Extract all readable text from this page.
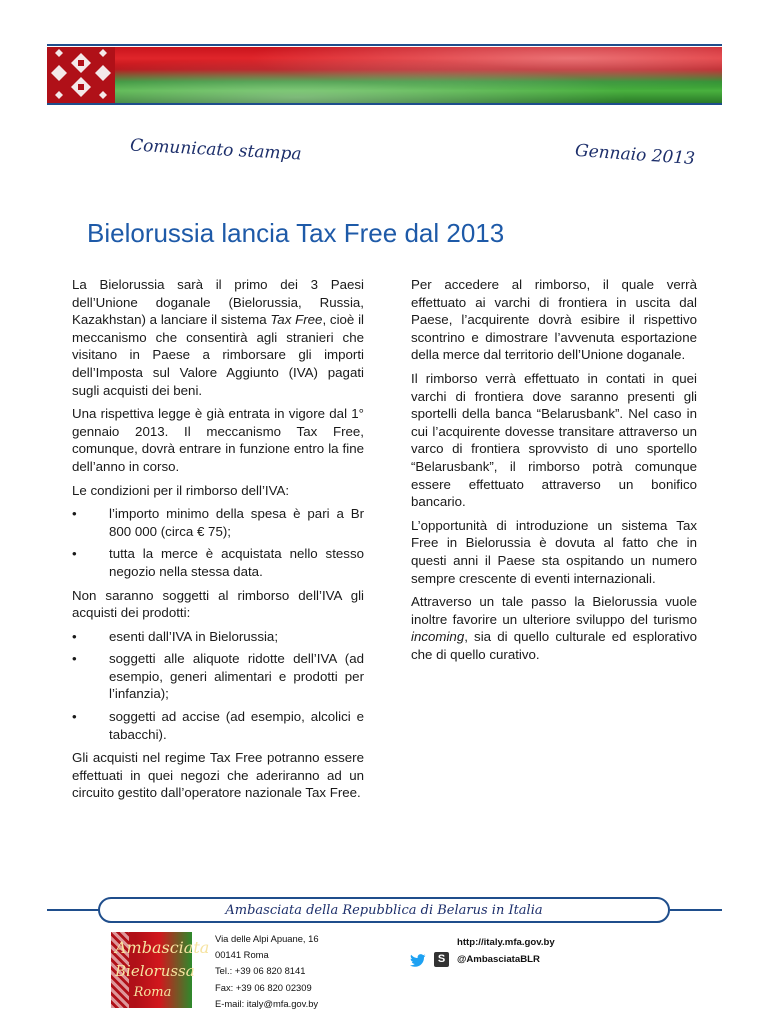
Comunicato stampa	Gennaio 2013
Bielorussia lancia Tax Free dal 2013

La Bielorussia sarà il primo dei 3 Paesi dell’Unione doganale (Bielorussia, Russia, Kazakhstan) a lanciare il sistema Tax Free, cioè il meccanismo che consentirà agli stranieri che visitano in Paese a rimborsare gli importi dell’Imposta sul Valore Aggiunto (IVA) pagati sugli acquisti dei beni.

Una rispettiva legge è già entrata in vigore dal 1° gennaio 2013. Il meccanismo Tax Free, comunque, dovrà entrare in funzione entro la fine dell’anno in corso.

Le condizioni per il rimborso dell’IVA:

•	l’importo minimo della spesa è pari a Br 800 000 (circa € 75);
•	tutta la merce è acquistata nello stesso negozio nella stessa data.

Non saranno soggetti al rimborso dell’IVA gli acquisti dei prodotti:

•	esenti dall’IVA in Bielorussia;
•	soggetti alle aliquote ridotte dell’IVA (ad esempio, generi alimentari e prodotti per l’infanzia);
•	soggetti ad accise (ad esempio, alcolici e tabacchi).

Gli acquisti nel regime Tax Free potranno essere effettuati in quei negozi che aderiranno ad un circuito gestito dall’operatore nazionale Tax Free.

Per accedere al rimborso, il quale verrà effettuato ai varchi di frontiera in uscita dal Paese, l’acquirente dovrà esibire il rispettivo scontrino e dimostrare l’avvenuta esportazione della merce dal territorio dell’Unione doganale.

Il rimborso verrà effettuato in contati in quei varchi di frontiera dove saranno presenti gli sportelli della banca “Belarusbank”. Nel caso in cui l’acquirente dovesse transitare attraverso un varco di frontiera sprovvisto di uno sportello “Belarusbank”, il rimborso potrà comunque essere effettuato attraverso un bonifico bancario.

L’opportunità di introduzione un sistema Tax Free in Bielorussia è dovuta al fatto che in questi anni il Paese sta ospitando un numero sempre crescente di eventi internazionali.

Attraverso un tale passo la Bielorussia vuole inoltre favorire un ulteriore sviluppo del turismo incoming, sia di quello culturale ed esplorativo che di quello curativo.

Ambasciata della Repubblica di Belarus in Italia
Ambasciata
Bielorussa
Roma
Via delle Alpi Apuane, 16
00141 Roma
Tel.: +39 06 820 8141
Fax: +39 06 820 02309
E-mail: italy@mfa.gov.by
S
http://italy.mfa.gov.by
@AmbasciataBLR
